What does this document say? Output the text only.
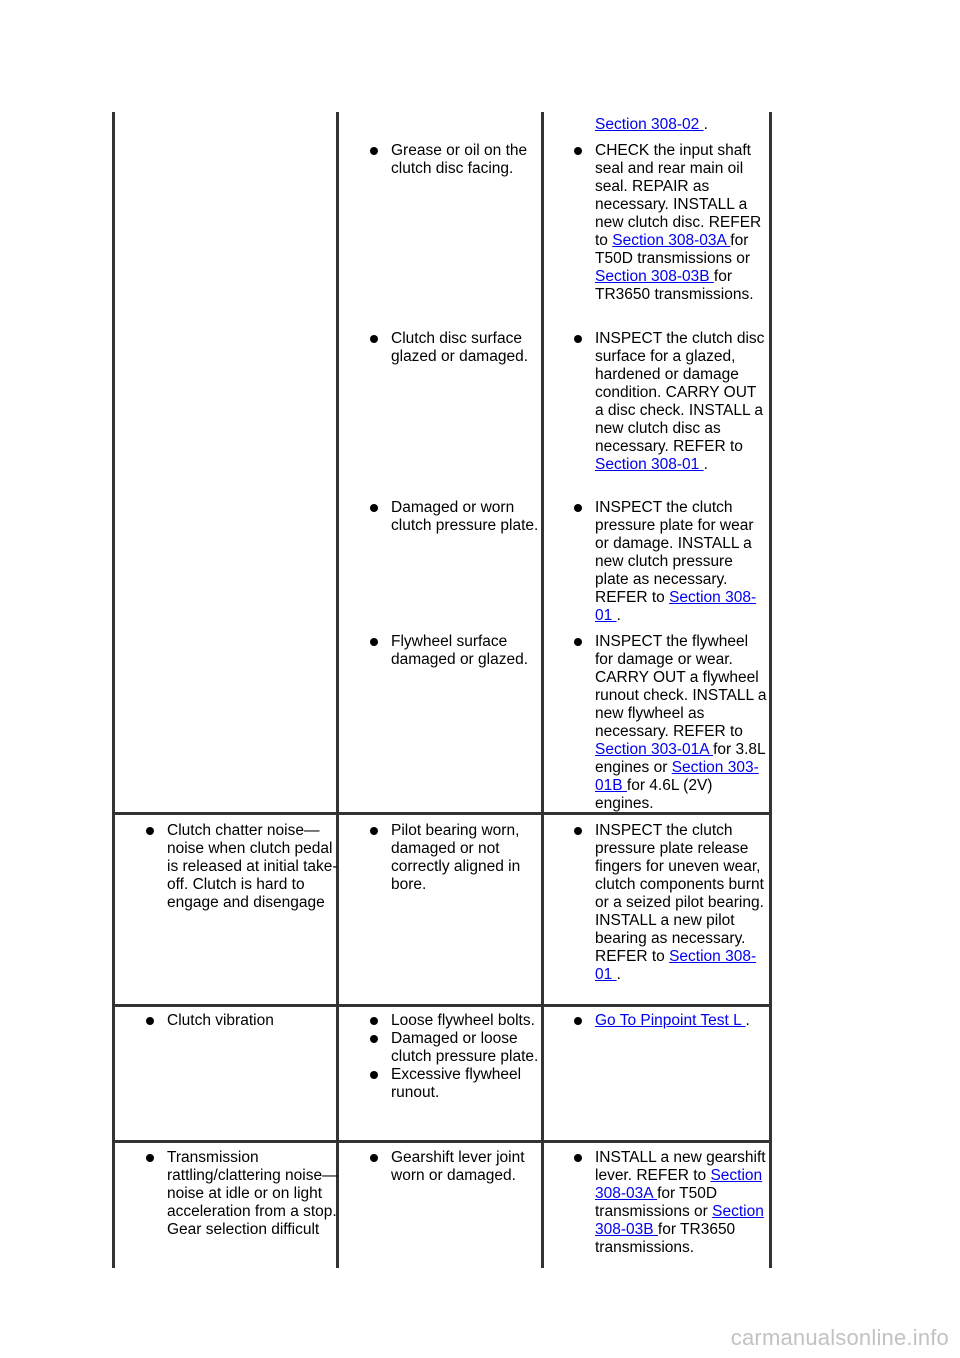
Section 308-02 .
Grease or oil on the clutch disc facing.
CHECK the input shaft seal and rear main oil seal. REPAIR as necessary. INSTALL a new clutch disc. REFER to Section 308-03A for T50D transmissions or Section 308-03B for TR3650 transmissions.
Clutch disc surface glazed or damaged.
INSPECT the clutch disc surface for a glazed, hardened or damage condition. CARRY OUT a disc check. INSTALL a new clutch disc as necessary. REFER to Section 308-01 .
Damaged or worn clutch pressure plate.
INSPECT the clutch pressure plate for wear or damage. INSTALL a new clutch pressure plate as necessary. REFER to Section 308-01 .
Flywheel surface damaged or glazed.
INSPECT the flywheel for damage or wear. CARRY OUT a flywheel runout check. INSTALL a new flywheel as necessary. REFER to Section 303-01A for 3.8L engines or Section 303-01B for 4.6L (2V) engines.
Clutch chatter noise—noise when clutch pedal is released at initial take-off. Clutch is hard to engage and disengage
Pilot bearing worn, damaged or not correctly aligned in bore.
INSPECT the clutch pressure plate release fingers for uneven wear, clutch components burnt or a seized pilot bearing. INSTALL a new pilot bearing as necessary. REFER to Section 308-01 .
Clutch vibration	Loose flywheel bolts.
Damaged or loose clutch pressure plate.
Excessive flywheel runout.
Go To Pinpoint Test L .
Transmission rattling/clattering noise—noise at idle or on light acceleration from a stop. Gear selection difficult
Gearshift lever joint worn or damaged.
INSTALL a new gearshift lever. REFER to Section 308-03A for T50D transmissions or Section 308-03B for TR3650 transmissions.
carmanualsonline.info
